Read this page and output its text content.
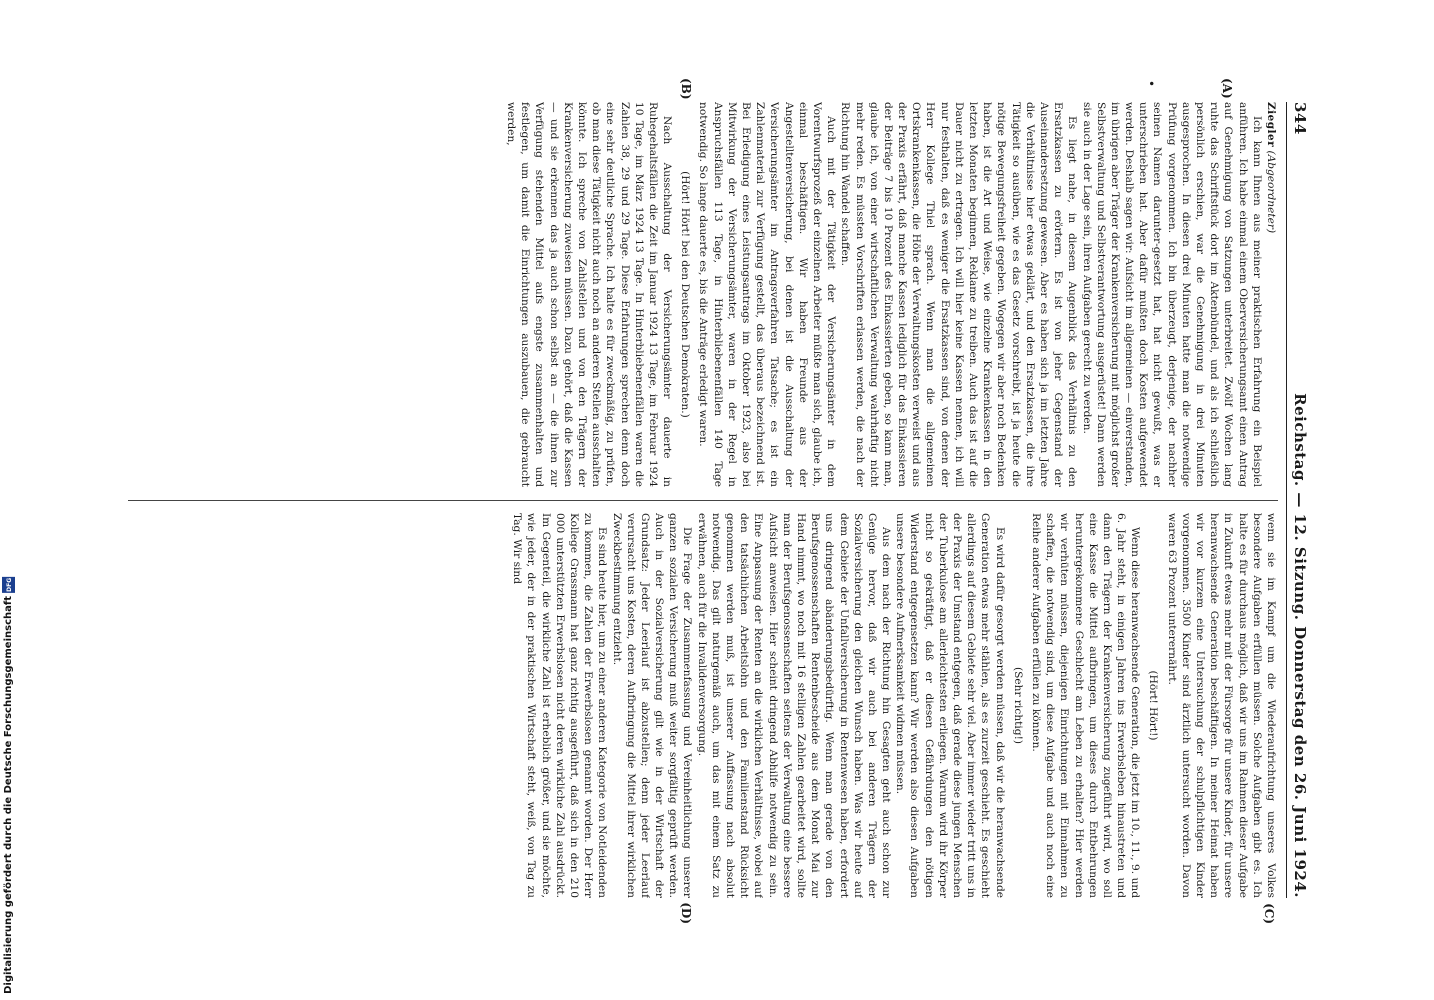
344
Reichstag. — 12. Sitzung. Donnerstag den 26. Juni 1924.
(A)
(B)
(C)
(D)
•

Ziegler (Abgeordneter)

Ich kann Ihnen aus meiner praktischen Erfahrung ein Beispiel anführen. Ich habe einmal einem Oberversicherungsamt einen Antrag auf Genehmigung von Satzungen unterbreitet. Zwölf Wochen lang ruhte das Schriftstück dort im Aktenbündel, und als ich schließlich persönlich erschien, war die Genehmigung in drei Minuten ausgesprochen. In diesen drei Minuten hatte man die notwendige Prüfung vorgenommen. Ich bin überzeugt, derjenige, der nachher seinen Namen darunter-gesetzt hat, hat nicht gewußt, was er unterschrieben hat. Aber dafür mußten doch Kosten aufgewendet werden. Deshalb sagen wir: Aufsicht im allgemeinen — einverstanden, im übrigen aber Träger der Krankenversicherung mit möglichst großer Selbstverwaltung und Selbstverantwortung ausgerüstet! Dann werden sie auch in der Lage sein, ihren Aufgaben gerecht zu werden.

Es liegt nahe, in diesem Augenblick das Verhältnis zu den Ersatzkassen zu erörtern. Es ist von jeher Gegenstand der Auseinandersetzung gewesen. Aber es haben sich ja im letzten Jahre die Verhältnisse hier etwas geklärt, und den Ersatzkassen, die ihre Tätigkeit so ausüben, wie es das Gesetz vorschreibt, ist ja heute die nötige Bewegungsfreiheit gegeben. Wogegen wir aber noch Bedenken haben, ist die Art und Weise, wie einzelne Krankenkassen in den letzten Monaten beginnen, Reklame zu treiben. Auch das ist auf die Dauer nicht zu ertragen. Ich will hier keine Kassen nennen, ich will nur festhalten, daß es weniger die Ersatzkassen sind, von denen der Herr Kollege Thiel sprach. Wenn man die allgemeinen Ortskrankenkassen, die Höhe der Verwaltungskosten verweist und aus der Praxis erfährt, daß manche Kassen lediglich für das Einkassieren der Beiträge 7 bis 10 Prozent des Einkassierten geben, so kann man, glaube ich, von einer wirtschaftlichen Verwaltung wahrhaftig nicht mehr reden. Es müssten Vorschriften erlassen werden, die nach der Richtung hin Wandel schaffen.

Auch mit der Tätigkeit der Versicherungsämter in dem Vorentwurfsprozeß der einzelnen Arbeiter müßte man sich, glaube ich, einmal beschäftigen. Wir haben Freunde aus der Angestelltenversicherung, bei denen ist die Ausschaltung der Versicherungsämter im Antragsverfahren Tatsache; es ist ein Zahlenmaterial zur Verfügung gestellt, das überaus bezeichnend ist. Bei Erledigung eines Leistungsantrags im Oktober 1923, also bei Mitwirkung der Versicherungsämter, waren in der Regel in Anspruchsfällen 113 Tage, in Hinterbliebenenfällen 140 Tage notwendig. So lange dauerte es, bis die Anträge erledigt waren.

(Hört! Hört! bei den Deutschen Demokraten.)

Nach Ausschaltung der Versicherungsämter dauerte in Ruhegehaltsfällen die Zeit im Januar 1924 13 Tage, im Februar 1924 10 Tage, im März 1924 13 Tage. In Hinterbliebenenfällen waren die Zahlen 38, 29 und 29 Tage. Diese Erfahrungen sprechen denn doch eine sehr deutliche Sprache. Ich halte es für zweckmäßig, zu prüfen, ob man diese Tätigkeit nicht auch noch an anderen Stellen ausschalten könnte. Ich spreche von Zahlstellen und von den Trägern der Krankenversicherung zuweisen müssen. Dazu gehört, daß die Kassen — und sie erkennen das ja auch schon selbst an — die ihnen zur Verfügung stehenden Mittel aufs engste zusammenhalten und festlegen, um damit die Einrichtungen auszubauen, die gebraucht werden,

wenn sie im Kampf um die Wiederaufrichtung unseres Volkes besondere Aufgaben erfüllen müssen. Solche Aufgaben gibt es. Ich halte es für durchaus möglich, daß wir uns im Rahmen dieser Aufgabe in Zukunft etwas mehr mit der Fürsorge für unsere Kinder, für unsere heranwachsende Generation beschäftigen. In meiner Heimat haben wir vor kurzem eine Untersuchung der schulpflichtigen Kinder vorgenommen. 3500 Kinder sind ärztlich untersucht worden. Davon waren 63 Prozent unterernährt.

(Hört! Hört!)

Wenn diese heranwachsende Generation, die jetzt im 10., 11., 9. und 6. Jahr steht, in einigen Jahren ins Erwerbsleben hinaustreten und dann den Trägern der Krankenversicherung zugeführt wird, wo soll eine Kasse die Mittel aufbringen, um dieses durch Entbehrungen heruntergekommene Geschlecht am Leben zu erhalten? Hier werden wir verhüten müssen, diejenigen Einrichtungen mit Einnahmen zu schaffen, die notwendig sind, um diese Aufgabe und auch noch eine Reihe anderer Aufgaben erfüllen zu können.

(Sehr richtig!)

Es wird dafür gesorgt werden müssen, daß wir die heranwachsende Generation etwas mehr stählen, als es zurzeit geschieht. Es geschieht allerdings auf diesem Gebiete sehr viel. Aber immer wieder tritt uns in der Praxis der Umstand entgegen, daß gerade diese jungen Menschen der Tuberkulose am allerleichtesten erliegen. Warum wird ihr Körper nicht so gekräftigt, daß er diesen Gefährdungen den nötigen Widerstand entgegensetzen kann? Wir werden also diesen Aufgaben unsere besondere Aufmerksamkeit widmen müssen.

Aus dem nach der Richtung hin Gesagten geht auch schon zur Genüge hervor, daß wir auch bei anderen Trägern der Sozialversicherung den gleichen Wunsch haben. Was wir heute auf dem Gebiete der Unfallversicherung in Rentenwesen haben, erfordert uns dringend abänderungsbedürftig. Wenn man gerade von den Berufsgenossenschaften Rentenbescheide aus dem Monat Mai zur Hand nimmt, wo noch mit 16 stelligen Zahlen gearbeitet wird, sollte man der Berufsgenossenschaften seitens der Verwaltung eine bessere Aufsicht anweisen. Hier scheint dringend Abhilfe notwendig zu sein. Eine Anpassung der Renten an die wirklichen Verhältnisse, wobei auf den tatsächlichen Arbeitslohn und den Familienstand Rücksicht genommen werden muß, ist unserer Auffassung nach absolut notwendig. Das gilt naturgemäß auch, um das mit einem Satz zu erwähnen, auch für die Invalidenversorgung.

Die Frage der Zusammenfassung und Vereinheitlichung unserer ganzen sozialen Versicherung muß weiter sorgfältig geprüft werden. Auch in der Sozialversicherung gilt wie in der Wirtschaft der Grundsatz: Jeder Leerlauf ist abzustellen; denn jeder Leerlauf verursacht uns Kosten, deren Aufbringung die Mittel ihrer wirklichen Zweckbestimmung entzieht.

Es sind heute hier, um zu einer anderen Kategorie von Notleidenden zu kommen, die Zahlen der Erwerbslosen genannt worden. Der Herr Kollege Grassmann hat ganz richtig ausgeführt, daß sich in den 210 000 unterstützten Erwerbslosen nicht deren wirkliche Zahl ausdrückt. Im Gegenteil, die wirkliche Zahl ist erheblich größer, und sie möchte, wie jeder, der in der praktischen Wirtschaft steht, weiß, von Tag zu Tag. Wir sind

Digitalisierung gefördert durch die Deutsche Forschungsgemeinschaft
DFG
